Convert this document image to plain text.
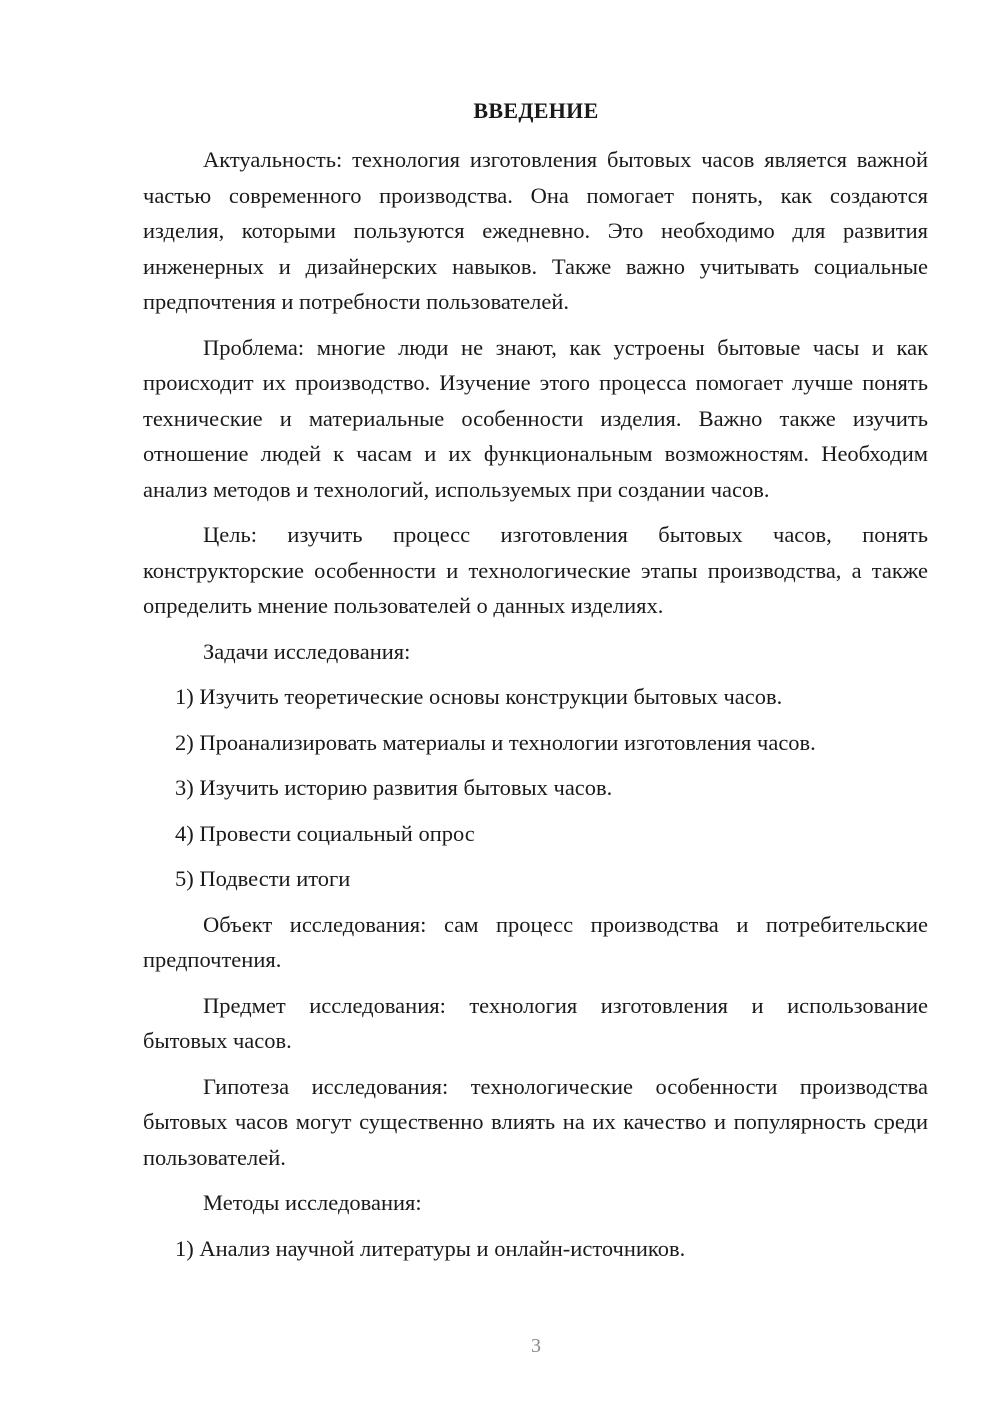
ВВЕДЕНИЕ

Актуальность: технология изготовления бытовых часов является важной частью современного производства. Она помогает понять, как создаются изделия, которыми пользуются ежедневно. Это необходимо для развития инженерных и дизайнерских навыков. Также важно учитывать социальные предпочтения и потребности пользователей.

Проблема: многие люди не знают, как устроены бытовые часы и как происходит их производство. Изучение этого процесса помогает лучше понять технические и материальные особенности изделия. Важно также изучить отношение людей к часам и их функциональным возможностям. Необходим анализ методов и технологий, используемых при создании часов.

Цель: изучить процесс изготовления бытовых часов, понять конструкторские особенности и технологические этапы производства, а также определить мнение пользователей о данных изделиях.

Задачи исследования:

1) Изучить теоретические основы конструкции бытовых часов.

2) Проанализировать материалы и технологии изготовления часов.

3) Изучить историю развития бытовых часов.

4) Провести социальный опрос

5) Подвести итоги

Объект исследования: сам процесс производства и потребительские предпочтения.

Предмет исследования: технология изготовления и использование бытовых часов.

Гипотеза исследования: технологические особенности производства бытовых часов могут существенно влиять на их качество и популярность среди пользователей.

Методы исследования:

1) Анализ научной литературы и онлайн-источников.

3
